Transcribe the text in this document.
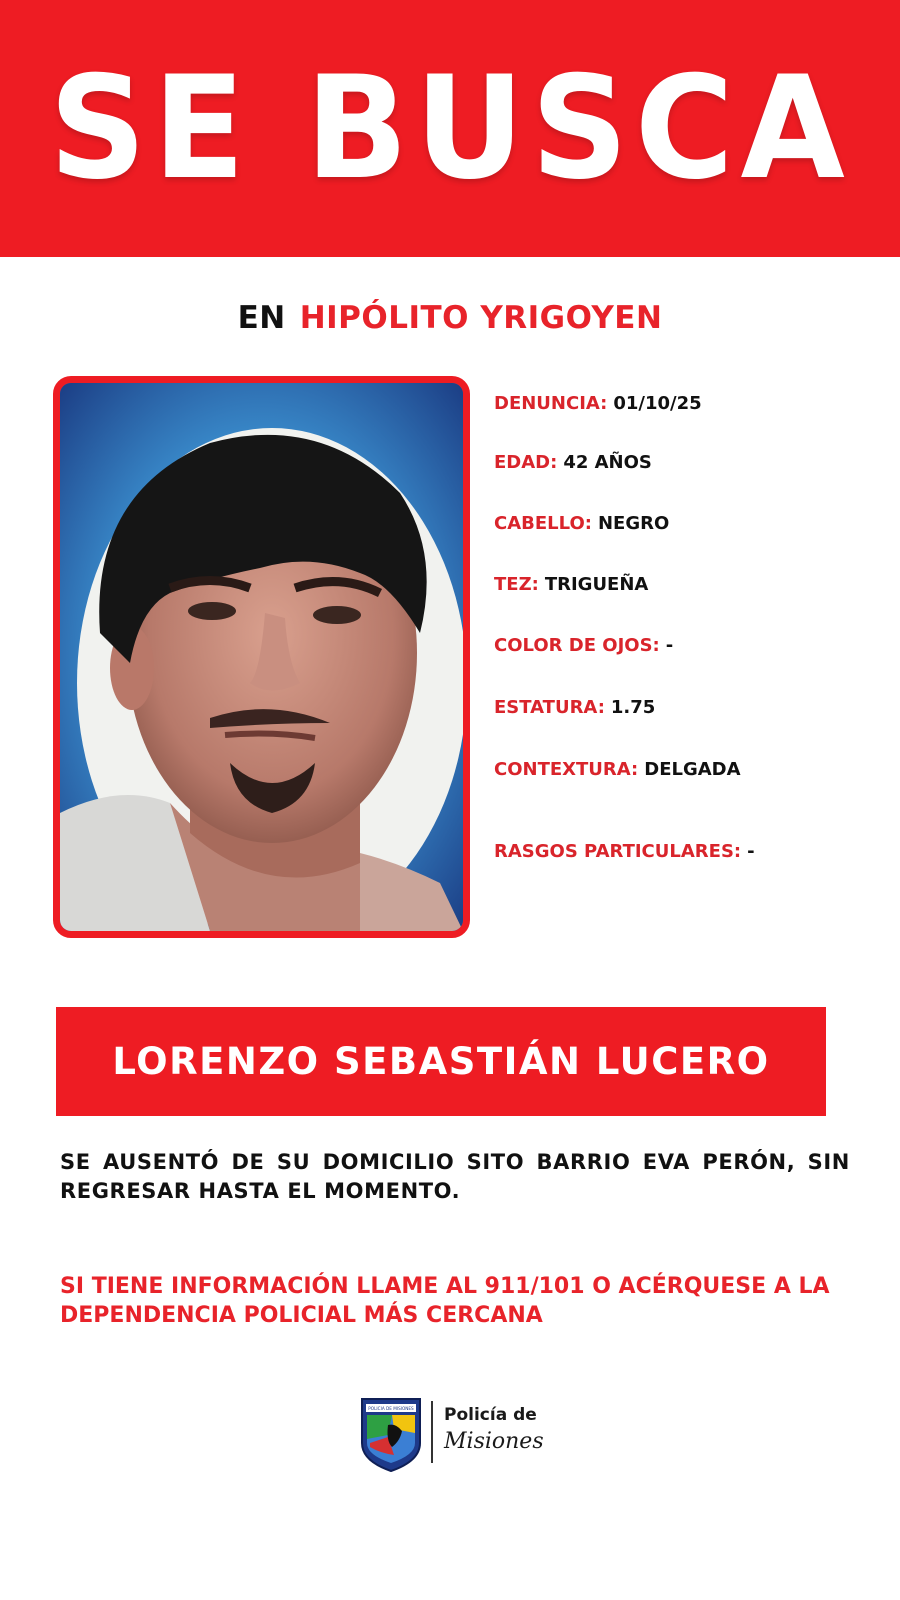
SE BUSCA
EN HIPÓLITO YRIGOYEN
DENUNCIA: 01/10/25
EDAD: 42 AÑOS
CABELLO: NEGRO
TEZ: TRIGUEÑA
COLOR DE OJOS: -
ESTATURA: 1.75
CONTEXTURA: DELGADA
RASGOS PARTICULARES: -
LORENZO SEBASTIÁN LUCERO
SE AUSENTÓ DE SU DOMICILIO SITO BARRIO EVA PERÓN, SIN REGRESAR HASTA EL MOMENTO.
SI TIENE INFORMACIÓN LLAME AL 911/101 O ACÉRQUESE A LA DEPENDENCIA POLICIAL MÁS CERCANA
POLICIA DE MISIONES Policía de
Misiones
